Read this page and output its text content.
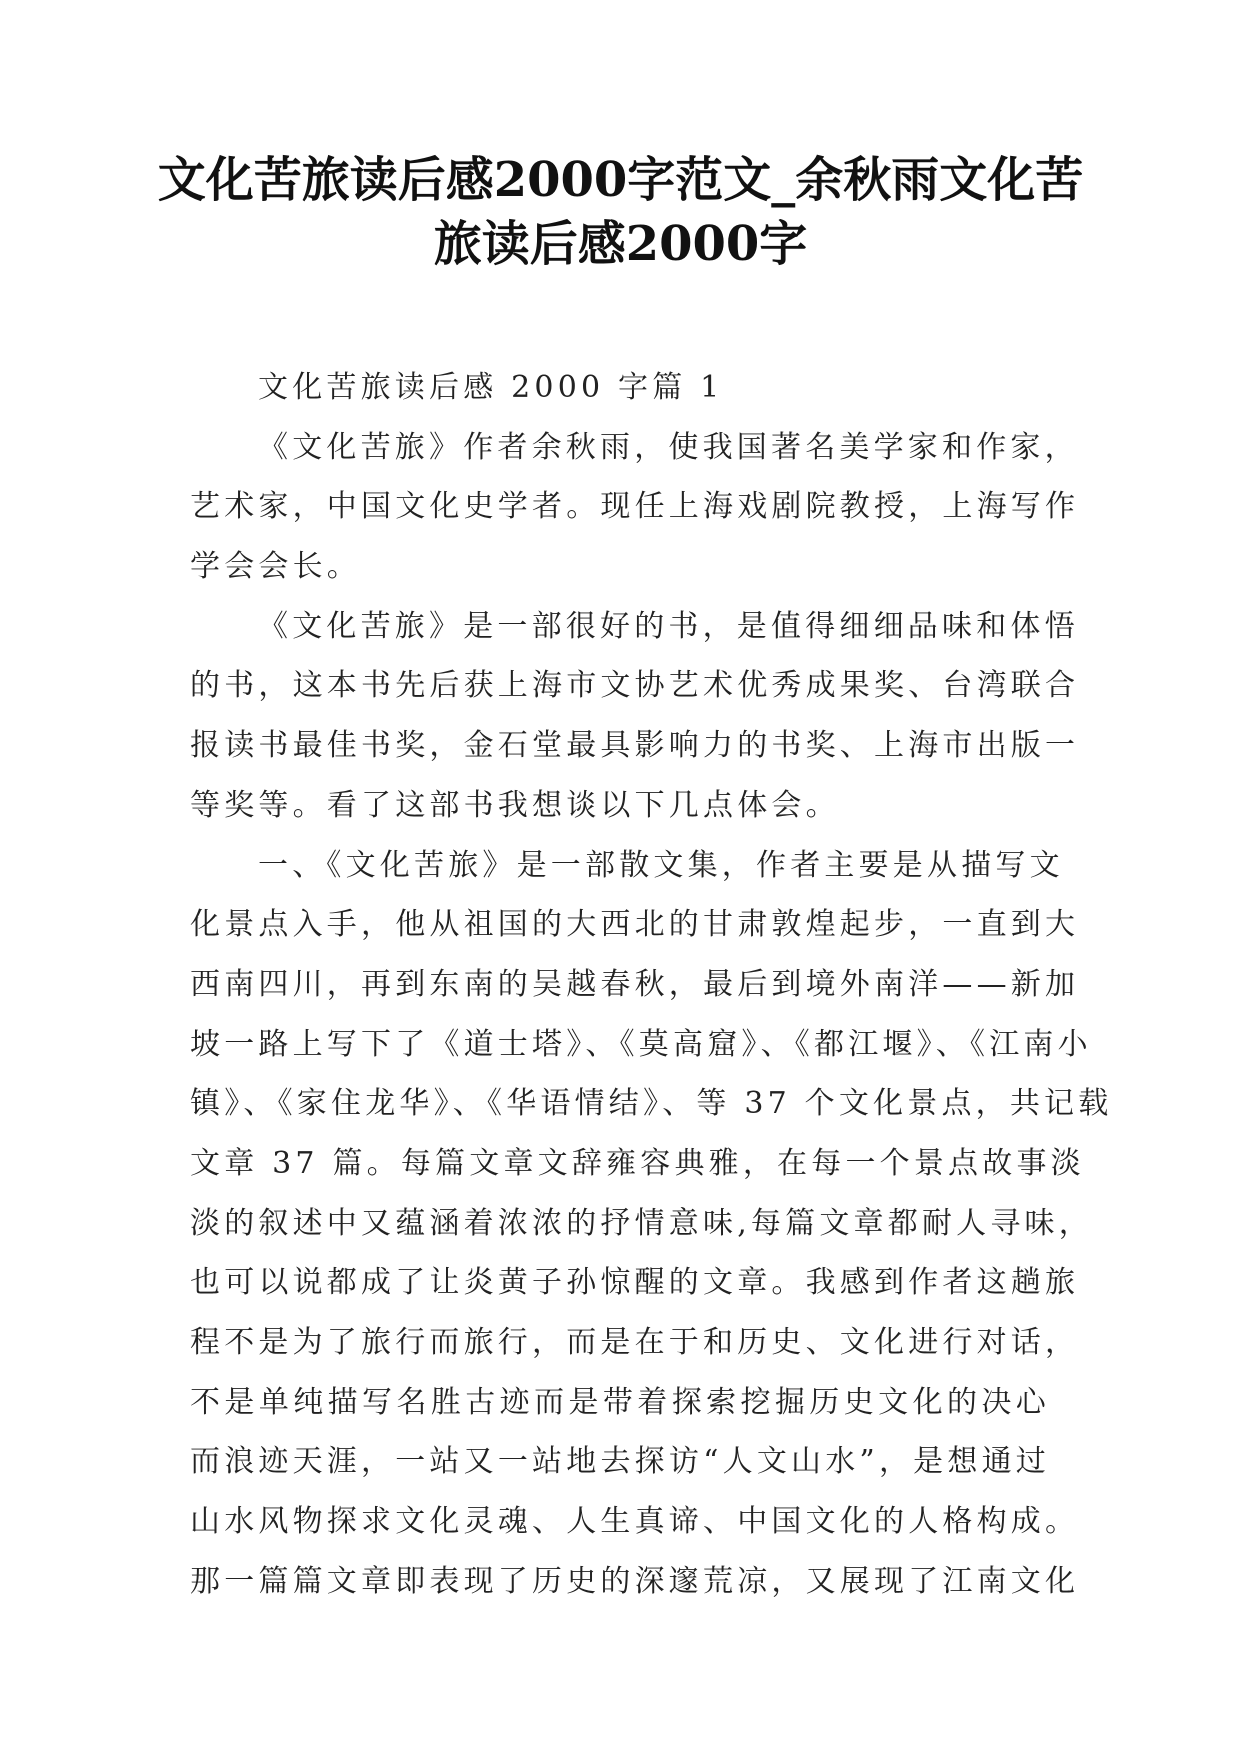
文化苦旅读后感2000字范文_余秋雨文化苦
旅读后感2000字
文化苦旅读后感 2000 字篇 1
《文化苦旅》作者余秋雨，使我国著名美学家和作家，
艺术家，中国文化史学者。现任上海戏剧院教授，上海写作
学会会长。
《文化苦旅》是一部很好的书，是值得细细品味和体悟
的书，这本书先后获上海市文协艺术优秀成果奖、台湾联合
报读书最佳书奖，金石堂最具影响力的书奖、上海市出版一
等奖等。看了这部书我想谈以下几点体会。
一、《文化苦旅》是一部散文集，作者主要是从描写文
化景点入手，他从祖国的大西北的甘肃敦煌起步，一直到大
西南四川，再到东南的吴越春秋，最后到境外南洋——新加
坡一路上写下了《道士塔》、《莫高窟》、《都江堰》、《江南小
镇》、《家住龙华》、《华语情结》、等 37 个文化景点，共记载
文章 37 篇。每篇文章文辞雍容典雅，在每一个景点故事淡
淡的叙述中又蕴涵着浓浓的抒情意味,每篇文章都耐人寻味，
也可以说都成了让炎黄子孙惊醒的文章。我感到作者这趟旅
程不是为了旅行而旅行，而是在于和历史、文化进行对话，
不是单纯描写名胜古迹而是带着探索挖掘历史文化的决心
而浪迹天涯，一站又一站地去探访“人文山水”，是想通过
山水风物探求文化灵魂、人生真谛、中国文化的人格构成。
那一篇篇文章即表现了历史的深邃荒凉，又展现了江南文化
